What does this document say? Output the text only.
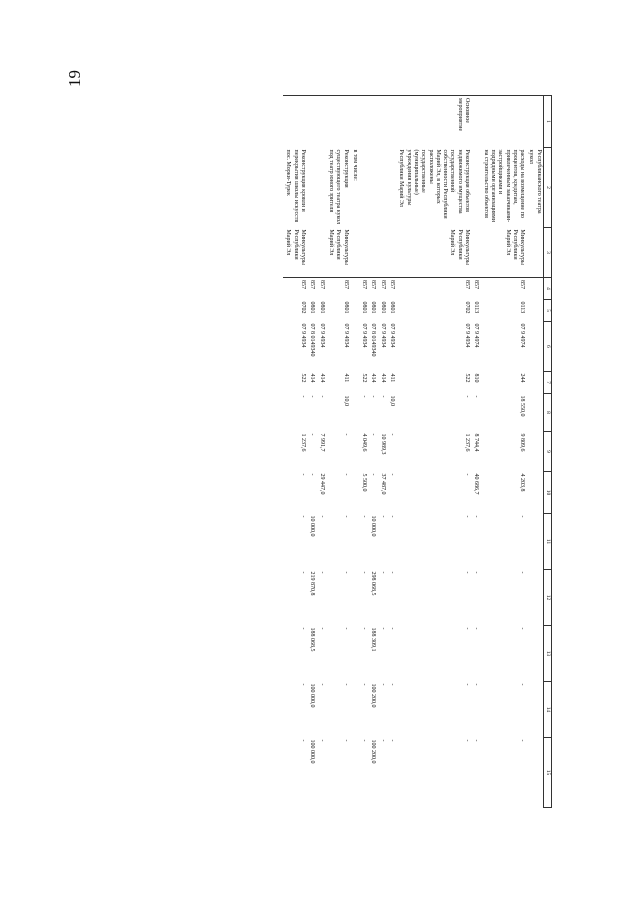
19
1	2	3	4	5	6	7	8	9	10	11	12	13	14	15
	Республиканского театра кукол													
	расходы на возмещение по процентов, кредитам, привлеченным заказчиками-застройщиками и подрядными организациями на строительство объектов	Минкультуры Республики Марий Эл	857	0113	07 9 4974	244	18 550,0	9 809,6	4 203,8	-	-	-	-	-
			857	0113	07 9 4974	810	-	8 744,4	40 686,7	-	-	-	-	-
Основное мероприятие	Реконструкция объектов недвижимого имущества государственной собственности Республики Марий Эл, в которых расположены государственные (муниципальные) учреждения культуры Республики Марий Эл	Минкультуры Республики Марий Эл	857	0702	07 9 4934	522	-	1 237,6	-	-	-	-	-	-
			857	0801	07 9 4934	411	10,0	-	-	-	-	-	-	-
			857	0801	07 9 4934	414	-	10 989,3	37 487,0	-	-	-	-	-
			857	0801	07 8 0149340	414	-	-	-	10 000,0	298 068,5	188 309,1	100 200,0	100 200,0
			857	0801	07 9 4934	522	-	4 049,6	5 500,0	-	-	-	-	-
	в том числе:													
	Реконструкция существующего театра кукол под театр юного зрителя	Минкультуры Республики Марий Эл	857	0801	07 9 4934	411	10,0	-	-	-	-	-	-	-
			857	0801	07 9 4934	414	-	7 991,7	29 447,0	-	-	-	-	-
			857	0801	07 8 0149340	414	-	-	-	10 000,0	219 870,8	188 068,5	100 000,0	100 000,0
	Реконструкция кровли и перекрытия школы искусств пос. Морки-Турек	Минкультуры Республики Марий Эл	857	0702	07 9 4934	522	-	1 237,6	-	-	-	-	-	-
